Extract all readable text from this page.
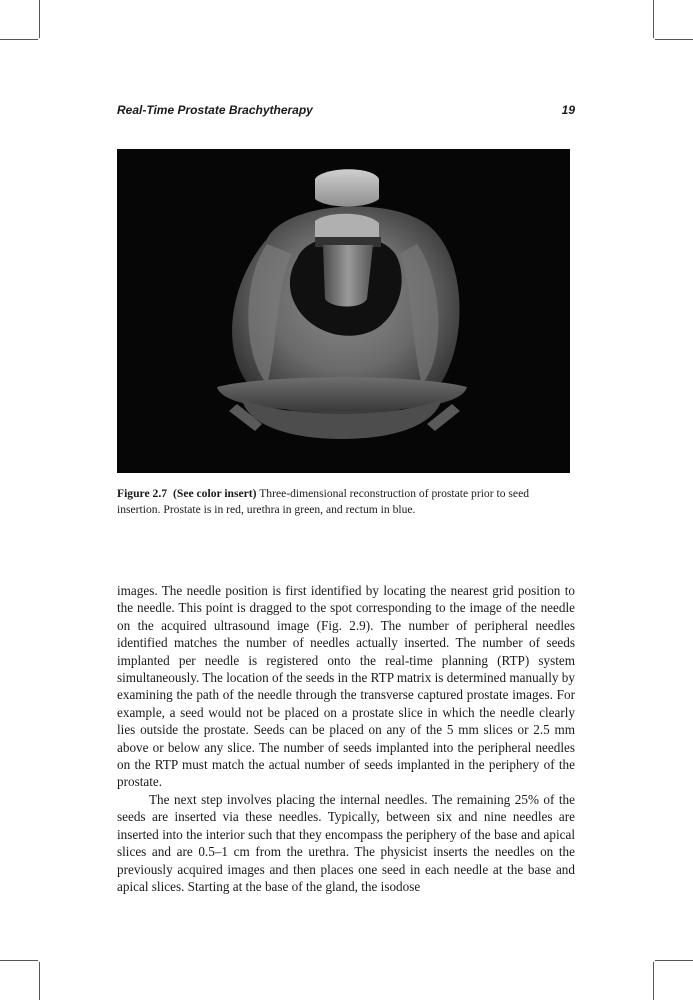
Real-Time Prostate Brachytherapy	19
Figure 2.7 (See color insert) Three-dimensional reconstruction of prostate prior to seed insertion. Prostate is in red, urethra in green, and rectum in blue.

images. The needle position is first identified by locating the nearest grid position to the needle. This point is dragged to the spot corresponding to the image of the needle on the acquired ultrasound image (Fig. 2.9). The number of peripheral needles identified matches the number of needles actually inserted. The number of seeds implanted per needle is registered onto the real-time planning (RTP) system simultaneously. The location of the seeds in the RTP matrix is determined manually by examining the path of the needle through the transverse captured prostate images. For example, a seed would not be placed on a prostate slice in which the needle clearly lies outside the prostate. Seeds can be placed on any of the 5 mm slices or 2.5 mm above or below any slice. The number of seeds implanted into the peripheral needles on the RTP must match the actual number of seeds implanted in the periphery of the prostate.

The next step involves placing the internal needles. The remaining 25% of the seeds are inserted via these needles. Typically, between six and nine needles are inserted into the interior such that they encompass the periphery of the base and apical slices and are 0.5–1 cm from the urethra. The physicist inserts the needles on the previously acquired images and then places one seed in each needle at the base and apical slices. Starting at the base of the gland, the isodose
